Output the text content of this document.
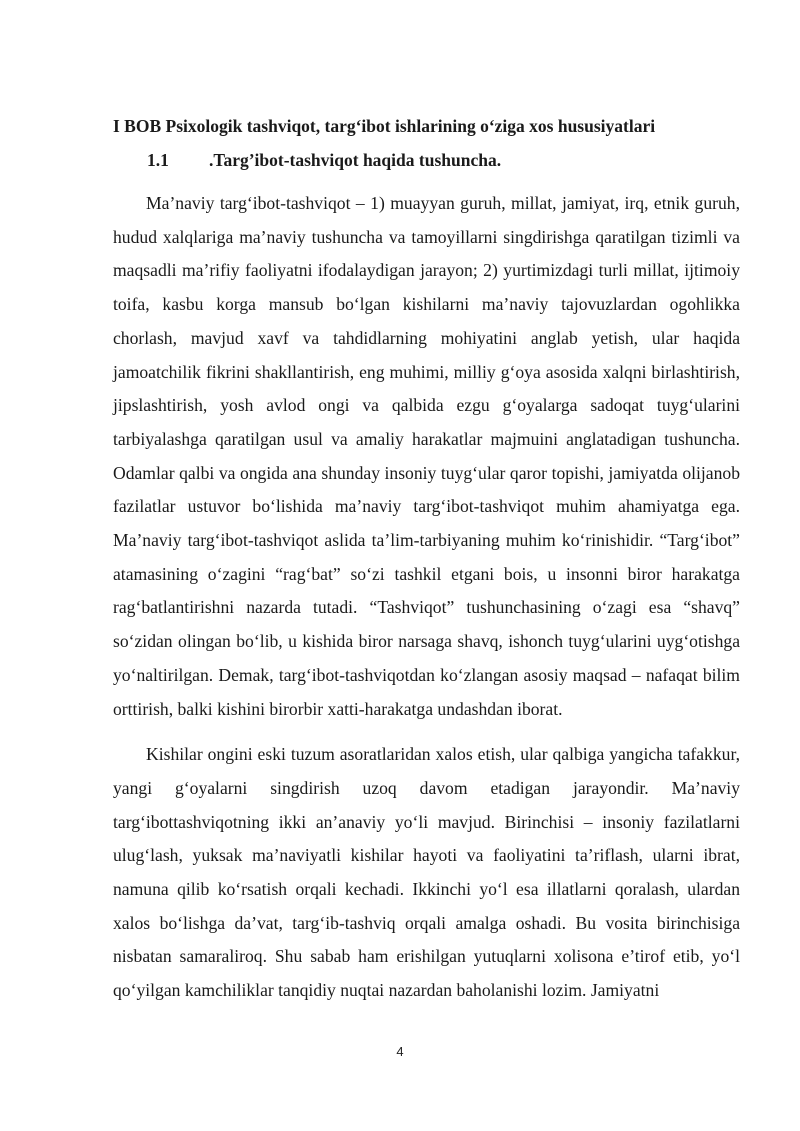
I BOB Psixologik tashviqot, targ‘ibot ishlarining o‘ziga xos hususiyatlari
1.1 .Targ’ibot-tashviqot haqida tushuncha.

Ma’naviy targ‘ibot-tashviqot – 1) muayyan guruh, millat, jamiyat, irq, etnik guruh, hudud xalqlariga ma’naviy tushuncha va tamoyillarni singdirishga qaratilgan tizimli va maqsadli ma’rifiy faoliyatni ifodalaydigan jarayon; 2) yurtimizdagi turli millat, ijtimoiy toifa, kasbu korga mansub bo‘lgan kishilarni ma’naviy tajovuzlardan ogohlikka chorlash, mavjud xavf va tahdidlarning mohiyatini anglab yetish, ular haqida jamoatchilik fikrini shakllantirish, eng muhimi, milliy g‘oya asosida xalqni birlashtirish, jipslashtirish, yosh avlod ongi va qalbida ezgu g‘oyalarga sadoqat tuyg‘ularini tarbiyalashga qaratilgan usul va amaliy harakatlar majmuini anglatadigan tushuncha. Odamlar qalbi va ongida ana shunday insoniy tuyg‘ular qaror topishi, jamiyatda olijanob fazilatlar ustuvor bo‘lishida ma’naviy targ‘ibot-tashviqot muhim ahamiyatga ega. Ma’naviy targ‘ibot-tashviqot aslida ta’lim-tarbiyaning muhim ko‘rinishidir. “Targ‘ibot” atamasining o‘zagini “rag‘bat” so‘zi tashkil etgani bois, u insonni biror harakatga rag‘batlantirishni nazarda tutadi. “Tashviqot” tushunchasining o‘zagi esa “shavq” so‘zidan olingan bo‘lib, u kishida biror narsaga shavq, ishonch tuyg‘ularini uyg‘otishga yo‘naltirilgan. Demak, targ‘ibot-tashviqotdan ko‘zlangan asosiy maqsad – nafaqat bilim orttirish, balki kishini birorbir xatti-harakatga undashdan iborat.

Kishilar ongini eski tuzum asoratlaridan xalos etish, ular qalbiga yangicha tafakkur, yangi g‘oyalarni singdirish uzoq davom etadigan jarayondir. Ma’naviy targ‘ibottashviqotning ikki an’anaviy yo‘li mavjud. Birinchisi – insoniy fazilatlarni ulug‘lash, yuksak ma’naviyatli kishilar hayoti va faoliyatini ta’riflash, ularni ibrat, namuna qilib ko‘rsatish orqali kechadi. Ikkinchi yo‘l esa illatlarni qoralash, ulardan xalos bo‘lishga da’vat, targ‘ib-tashviq orqali amalga oshadi. Bu vosita birinchisiga nisbatan samaraliroq. Shu sabab ham erishilgan yutuqlarni xolisona e’tirof etib, yo‘l qo‘yilgan kamchiliklar tanqidiy nuqtai nazardan baholanishi lozim. Jamiyatni

4
